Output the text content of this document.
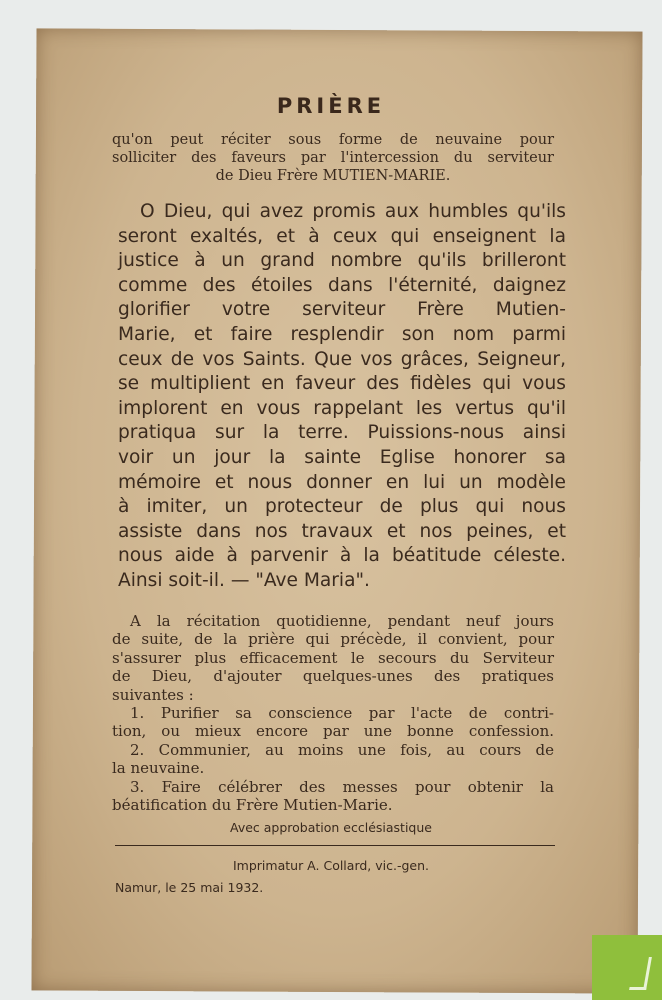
PRIÈRE
qu'on peut réciter sous forme de neuvaine pour
solliciter des faveurs par l'intercession du serviteur
de Dieu Frère MUTIEN-MARIE.
O Dieu, qui avez promis aux humbles qu'ils
seront exaltés, et à ceux qui enseignent la
justice à un grand nombre qu'ils brilleront
comme des étoiles dans l'éternité, daignez
glorifier votre serviteur Frère Mutien-
Marie, et faire resplendir son nom parmi
ceux de vos Saints. Que vos grâces, Seigneur,
se multiplient en faveur des fidèles qui vous
implorent en vous rappelant les vertus qu'il
pratiqua sur la terre. Puissions-nous ainsi
voir un jour la sainte Eglise honorer sa
mémoire et nous donner en lui un modèle
à imiter, un protecteur de plus qui nous
assiste dans nos travaux et nos peines, et
nous aide à parvenir à la béatitude céleste.
Ainsi soit-il. — "Ave Maria".
A la récitation quotidienne, pendant neuf jours
de suite, de la prière qui précède, il convient, pour
s'assurer plus efficacement le secours du Serviteur
de Dieu, d'ajouter quelques-unes des pratiques
suivantes :
1. Purifier sa conscience par l'acte de contri-
tion, ou mieux encore par une bonne confession.
2. Communier, au moins une fois, au cours de
la neuvaine.
3. Faire célébrer des messes pour obtenir la
béatification du Frère Mutien-Marie.
Avec approbation ecclésiastique
Imprimatur A. Collard, vic.-gen.
Namur, le 25 mai 1932.
